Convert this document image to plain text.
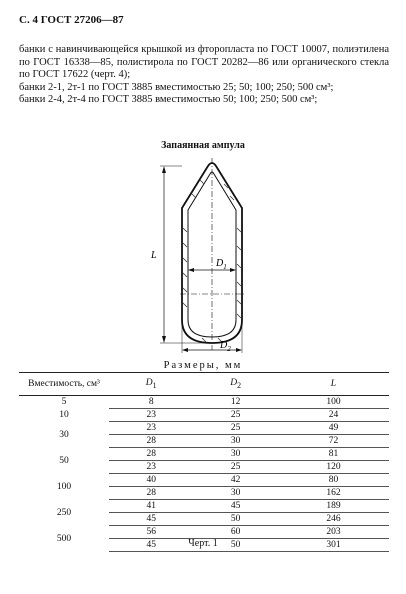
С. 4 ГОСТ 27206—87

банки с навинчивающейся крышкой из фторопласта по ГОСТ 10007, полиэтилена по ГОСТ 16338—85, полистирола по ГОСТ 20282—86 или органического стекла по ГОСТ 17622 (черт. 4);

банки 2-1, 2т-1 по ГОСТ 3885 вместимостью 25; 50; 100; 250; 500 см³;

банки 2-4, 2т-4 по ГОСТ 3885 вместимостью 50; 100; 250; 500 см³;

Запаянная ампула
L
$D_1$
$D_2$
Размеры, мм
Вместимость, см³	$D_1$	$D_2$	L
5	8	12	100
10	23	25	24
30	23	25	49
	28	30	72
50	28	30	81
	23	25	120
100	40	42	80
	28	30	162
250	41	45	189
	45	50	246
500	56	60	203
	45	50	301
Черт. 1
